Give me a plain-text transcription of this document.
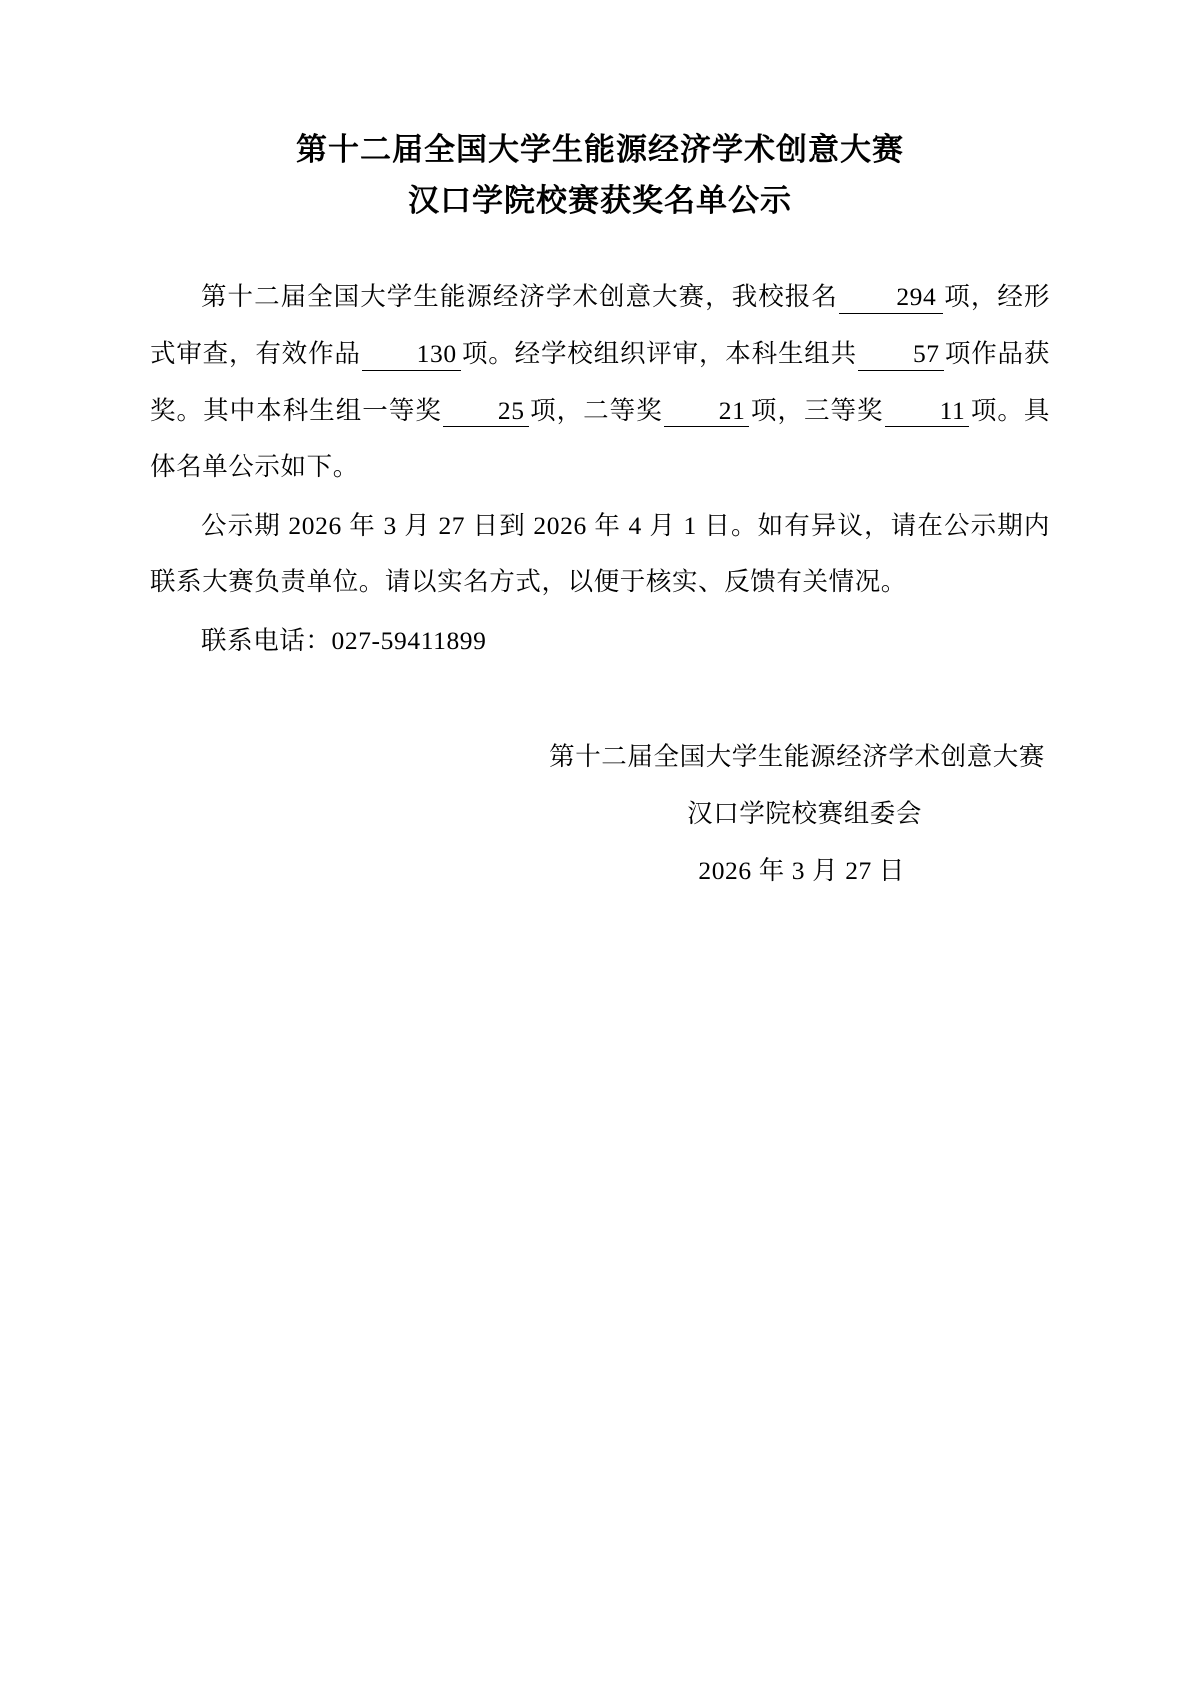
第十二届全国大学生能源经济学术创意大赛
汉口学院校赛获奖名单公示

第十二届全国大学生能源经济学术创意大赛，我校报名 294 项，经形式审查，有效作品 130 项。经学校组织评审，本科生组共 57 项作品获奖。其中本科生组一等奖 25 项，二等奖 21 项，三等奖 11 项。具体名单公示如下。

公示期 2026 年 3 月 27 日到 2026 年 4 月 1 日。如有异议，请在公示期内联系大赛负责单位。请以实名方式，以便于核实、反馈有关情况。

联系电话：027-59411899

第十二届全国大学生能源经济学术创意大赛
汉口学院校赛组委会
2026 年 3 月 27 日
